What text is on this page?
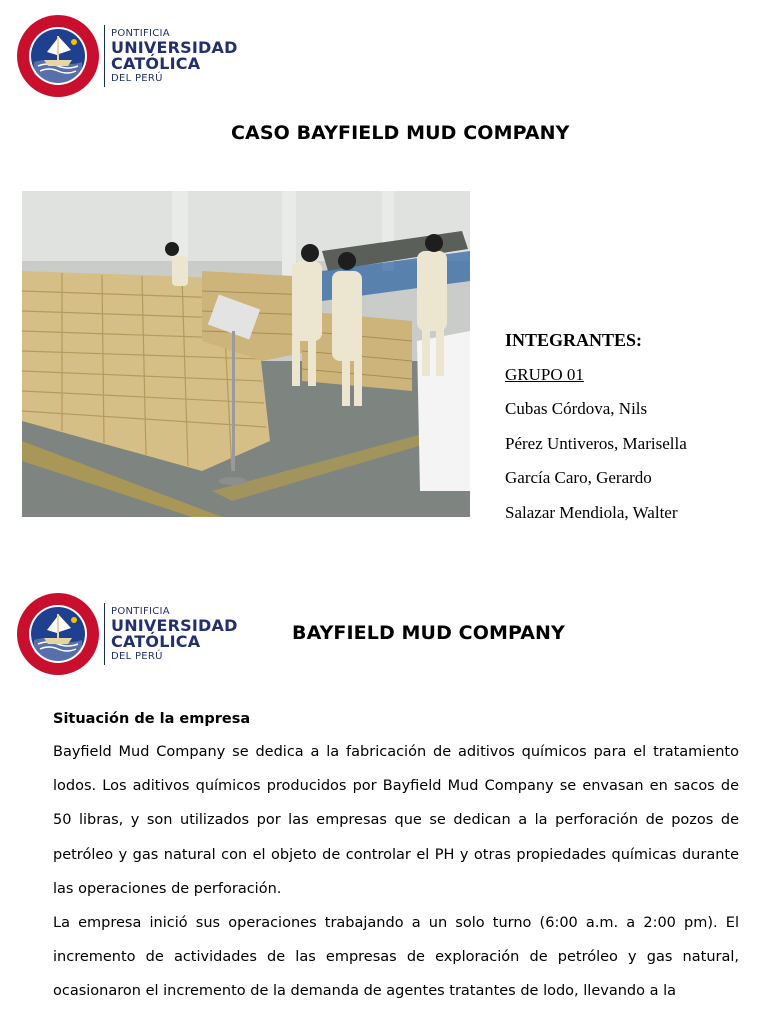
PONTIFICIA
UNIVERSIDAD
CATÓLICA
DEL PERÚ
CASO BAYFIELD MUD COMPANY
INTEGRANTES:
GRUPO 01
Cubas Córdova, Nils
Pérez Untiveros, Marisella
García Caro, Gerardo
Salazar Mendiola, Walter
PONTIFICIA
UNIVERSIDAD
CATÓLICA
DEL PERÚ
BAYFIELD MUD COMPANY
Situación de la empresa

Bayfield Mud Company se dedica a la fabricación de aditivos químicos para el tratamiento lodos. Los aditivos químicos producidos por Bayfield Mud Company se envasan en sacos de 50 libras, y son utilizados por las empresas que se dedican a la perforación de pozos de petróleo y gas natural con el objeto de controlar el PH y otras propiedades químicas durante las operaciones de perforación.

La empresa inició sus operaciones trabajando a un solo turno (6:00 a.m. a 2:00 pm). El incremento de actividades de las empresas de exploración de petróleo y gas natural, ocasionaron el incremento de la demanda de agentes tratantes de lodo, llevando a la
